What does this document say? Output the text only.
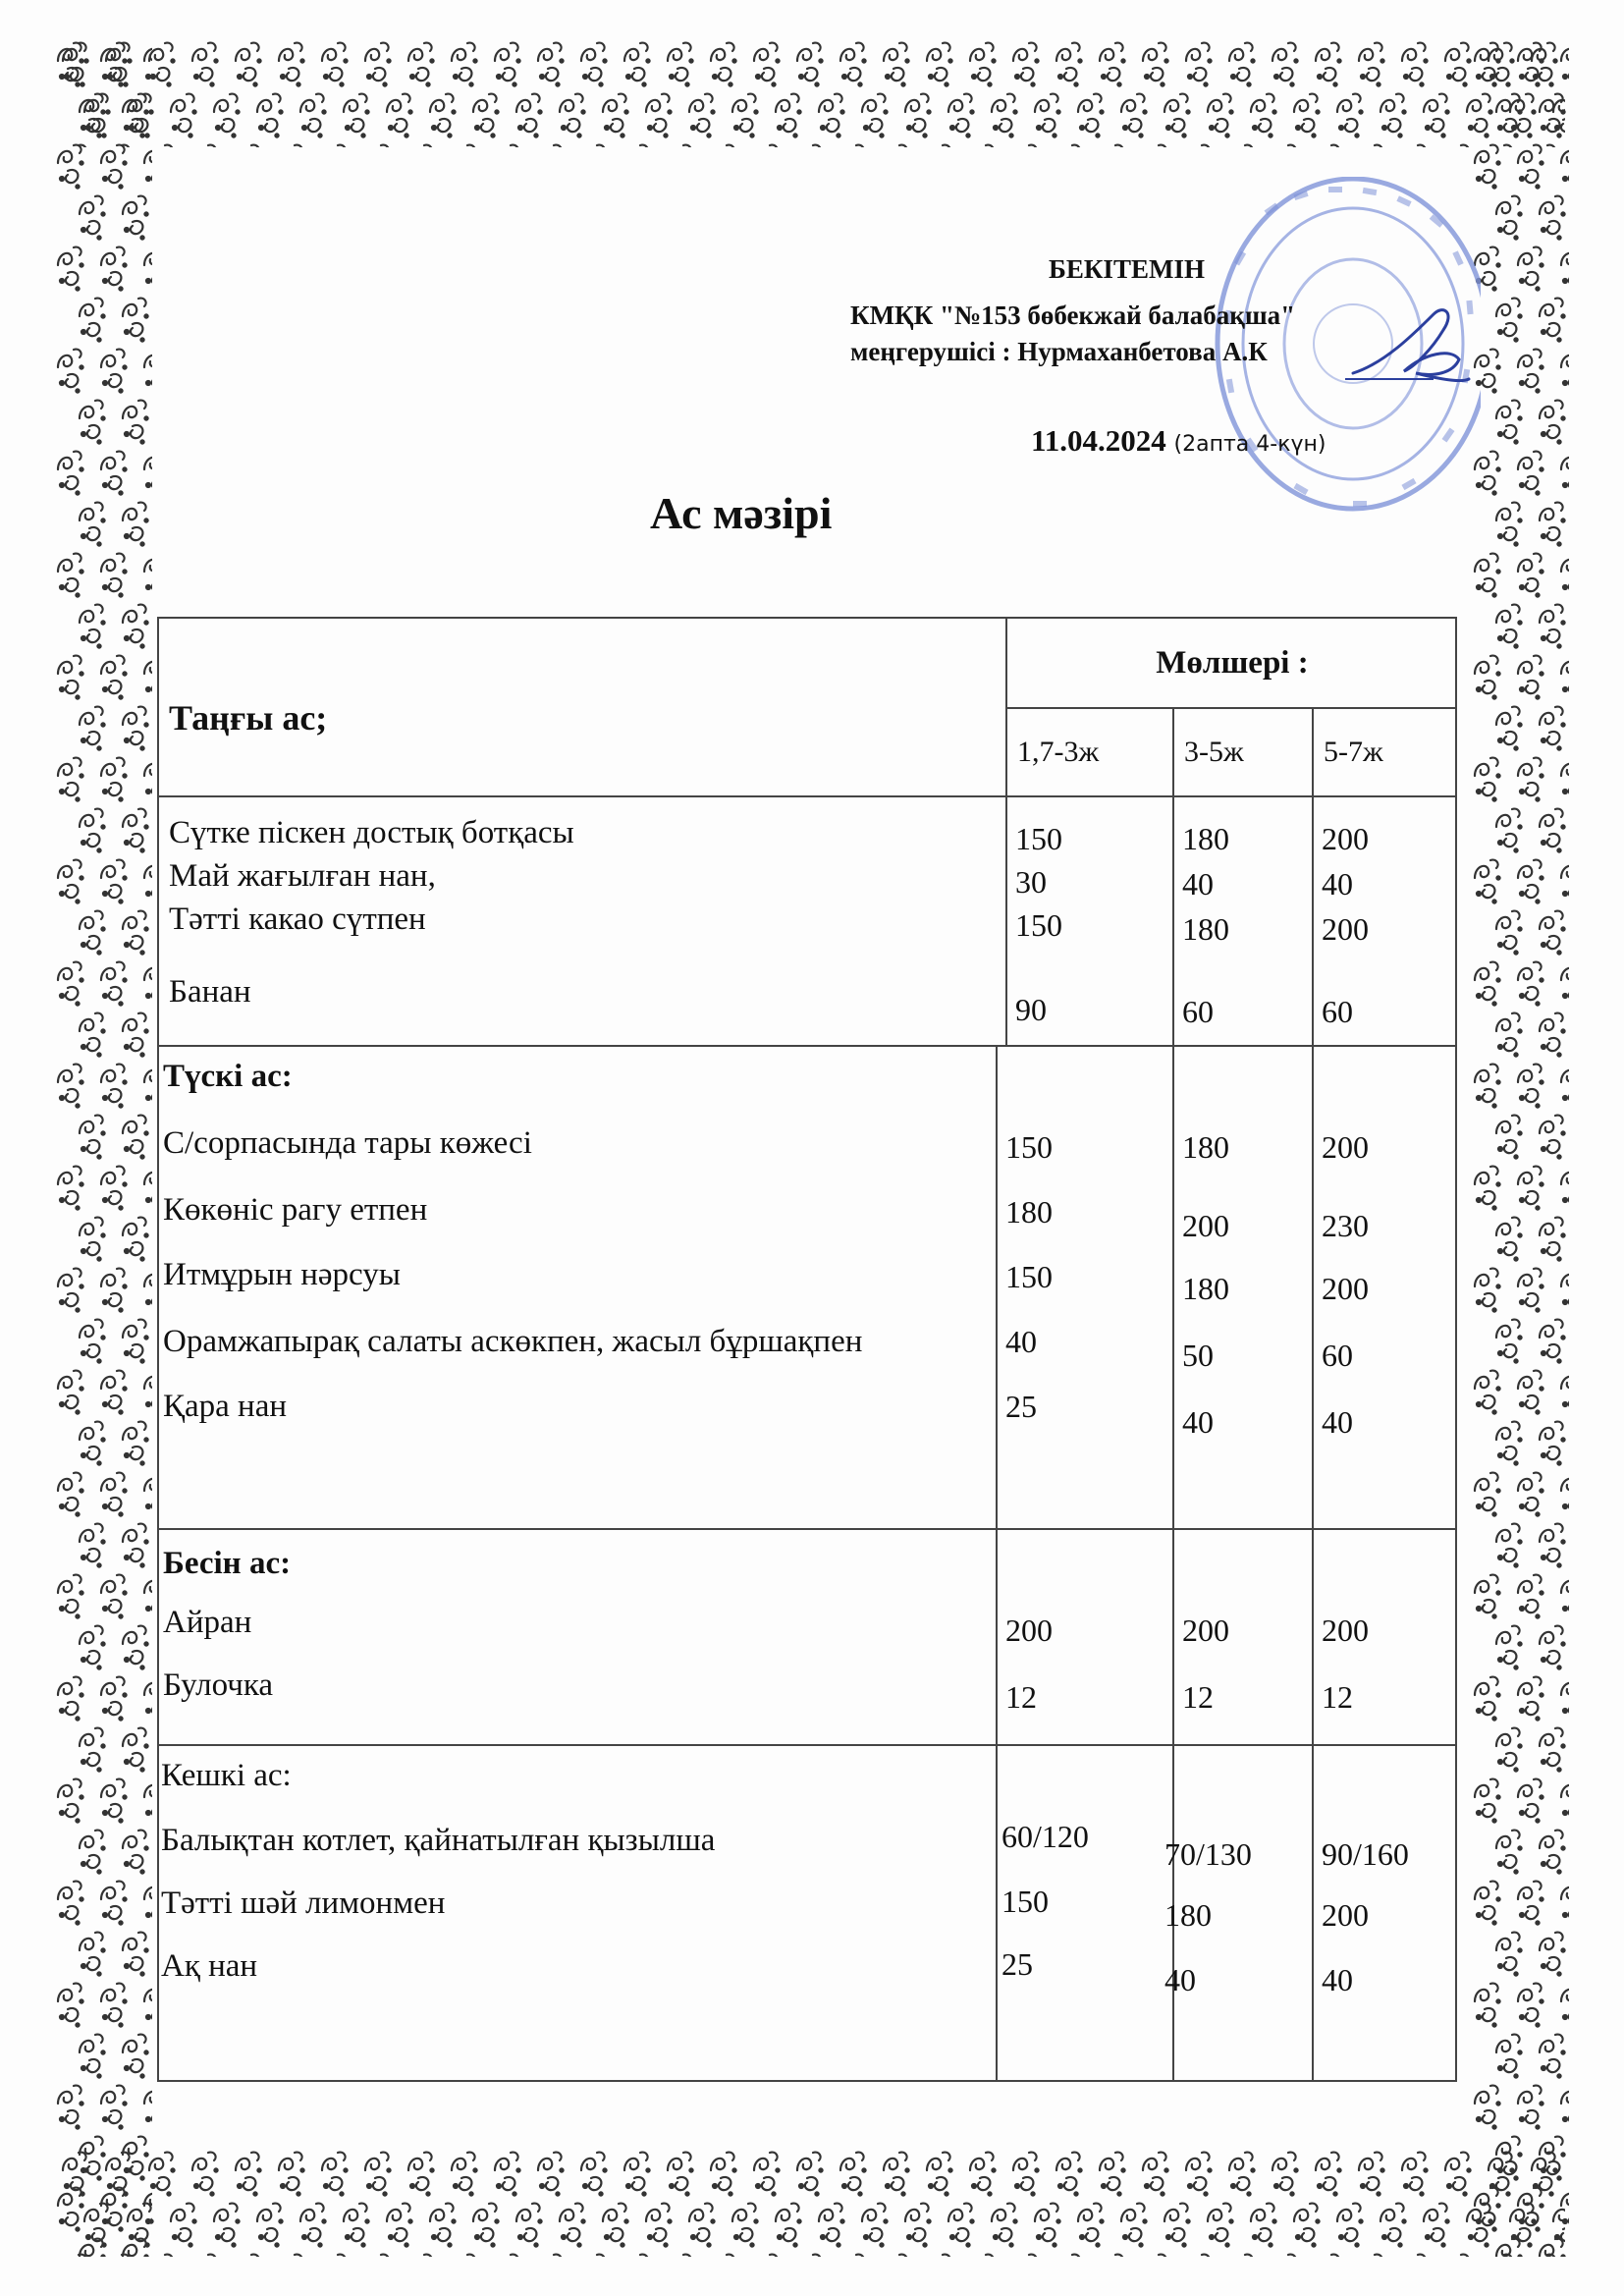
БЕКІТЕМІН
КМҚК "№153 бөбекжай балабақша"
меңгерушісі : Нурмаханбетова А.К
11.04.2024 (2апта 4-күн)
Ас мәзірі
Таңғы ас;
Мөлшері :
1,7-3ж	3-5ж	5-7ж
Сүтке піскен достық ботқасы
Май жағылған нан,
Тәтті какао сүтпен
Банан
150
30
150
90
180
40
180
60
200
40
200
60
Түскі ас:
С/сорпасында тары көжесі
Көкөніс рагу етпен
Итмұрын нәрсуы
Орамжапырақ салаты аскөкпен, жасыл бұршақпен
Қара нан
150
180
150
40
25
180
200
180
50
40
200
230
200
60
40
Бесін ас:
Айран
Булочка
200
12
200
12
200
12
Кешкі ас:
Балықтан котлет, қайнатылған қызылша
Тәтті шәй лимонмен
Ақ нан
60/120
150
25
70/130
180
40
90/160
200
40
